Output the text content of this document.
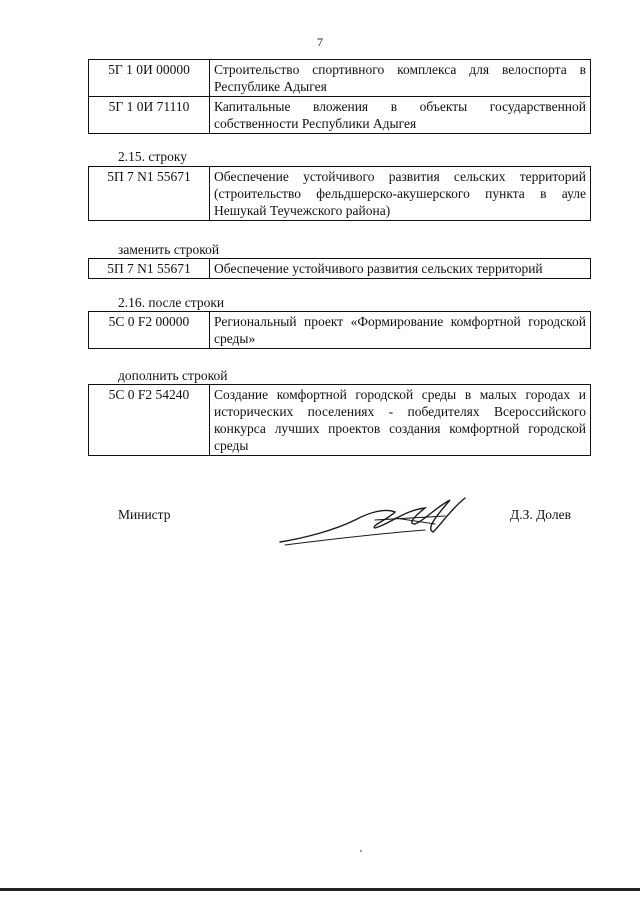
7
5Г 1 0И 00000	Строительство спортивного комплекса для велоспорта в Республике Адыгея
5Г 1 0И 71110	Капитальные вложения в объекты государственной собственности Республики Адыгея
2.15. строку
5П 7 N1 55671	Обеспечение устойчивого развития сельских территорий (строительство фельдшерско-акушерского пункта в ауле Нешукай Теучежского района)
заменить строкой
5П 7 N1 55671	Обеспечение устойчивого развития сельских территорий
2.16. после строки
5С 0 F2 00000	Региональный проект «Формирование комфортной городской среды»
дополнить строкой
5С 0 F2 54240	Создание комфортной городской среды в малых городах и исторических поселениях - победителях Всероссийского конкурса лучших проектов создания комфортной городской среды
Министр	Д.З. Долев
